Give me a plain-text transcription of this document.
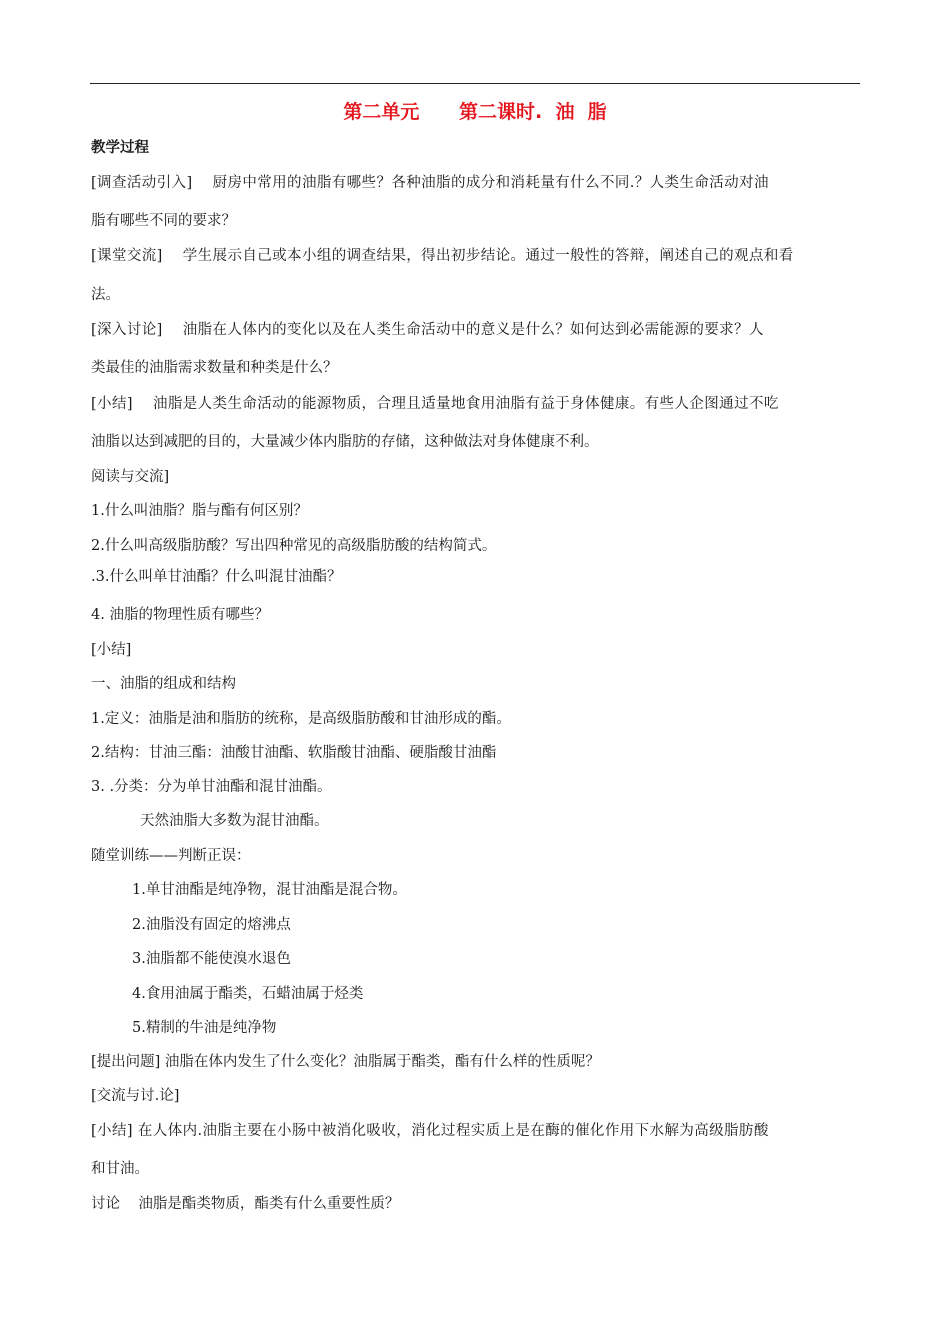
第二单元      第二课时.  油  脂
教学过程
[调查活动引入]    厨房中常用的油脂有哪些？各种油脂的成分和消耗量有什么不同.？人类生命活动对油
脂有哪些不同的要求？
[课堂交流]    学生展示自己或本小组的调查结果，得出初步结论。通过一般性的答辩，阐述自己的观点和看
法。
[深入讨论]    油脂在人体内的变化以及在人类生命活动中的意义是什么？如何达到必需能源的要求？人
类最佳的油脂需求数量和种类是什么？
[小结]    油脂是人类生命活动的能源物质，合理且适量地食用油脂有益于身体健康。有些人企图通过不吃
油脂以达到减肥的目的，大量减少体内脂肪的存储，这种做法对身体健康不利。
阅读与交流]
1.什么叫油脂？脂与酯有何区别？
2.什么叫高级脂肪酸？写出四种常见的高级脂肪酸的结构简式。
.3.什么叫单甘油酯？什么叫混甘油酯？
4. 油脂的物理性质有哪些？
[小结]
一、油脂的组成和结构
1.定义：油脂是油和脂肪的统称，是高级脂肪酸和甘油形成的酯。
2.结构：甘油三酯：油酸甘油酯、软脂酸甘油酯、硬脂酸甘油酯
3. .分类：分为单甘油酯和混甘油酯。
天然油脂大多数为混甘油酯。
随堂训练——判断正误：
1.单甘油酯是纯净物，混甘油酯是混合物。
2.油脂没有固定的熔沸点
3.油脂都不能使溴水退色
4.食用油属于酯类，石蜡油属于烃类
5.精制的牛油是纯净物
[提出问题] 油脂在体内发生了什么变化？油脂属于酯类，酯有什么样的性质呢？
[交流与讨.论]
[小结] 在人体内.油脂主要在小肠中被消化吸收，消化过程实质上是在酶的催化作用下水解为高级脂肪酸
和甘油。
讨论    油脂是酯类物质，酯类有什么重要性质？
